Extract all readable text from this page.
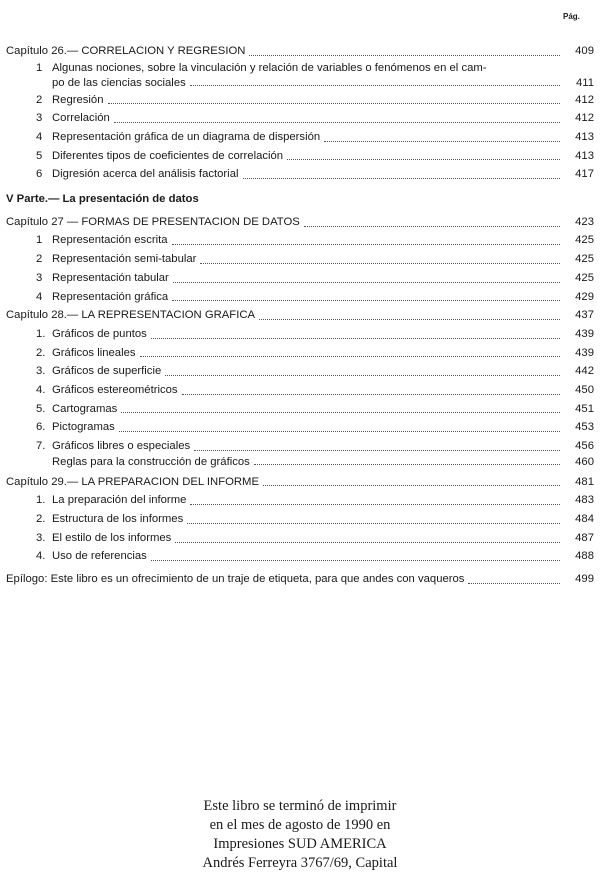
Pág.
Capítulo 26.— CORRELACION Y REGRESION	409
1 Algunas nociones, sobre la vinculación y relación de variables o fenómenos en el cam-
po de las ciencias sociales	411
2 Regresión	412
3 Correlación	412
4 Representación gráfica de un diagrama de dispersión	413
5 Diferentes tipos de coeficientes de correlación	413
6 Digresión acerca del análisis factorial	417
V Parte.— La presentación de datos
Capítulo 27 — FORMAS DE PRESENTACION DE DATOS	423
1 Representación escrita	425
2 Representación semi-tabular	425
3 Representación tabular	425
4 Representación gráfica	429
Capítulo 28.— LA REPRESENTACION GRAFICA	437
1. Gráficos de puntos	439
2. Gráficos lineales	439
3. Gráficos de superficie	442
4. Gráficos estereométricos	450
5. Cartogramas	451
6. Pictogramas	453
7. Gráficos libres o especiales	456
Reglas para la construcción de gráficos	460
Capítulo 29.— LA PREPARACION DEL INFORME	481
1. La preparación del informe	483
2. Estructura de los informes	484
3. El estilo de los informes	487
4. Uso de referencias	488
Epílogo: Este libro es un ofrecimiento de un traje de etiqueta, para que andes con vaqueros	499
Este libro se terminó de imprimir
en el mes de agosto de 1990 en
Impresiones SUD AMERICA
Andrés Ferreyra 3767/69, Capital
